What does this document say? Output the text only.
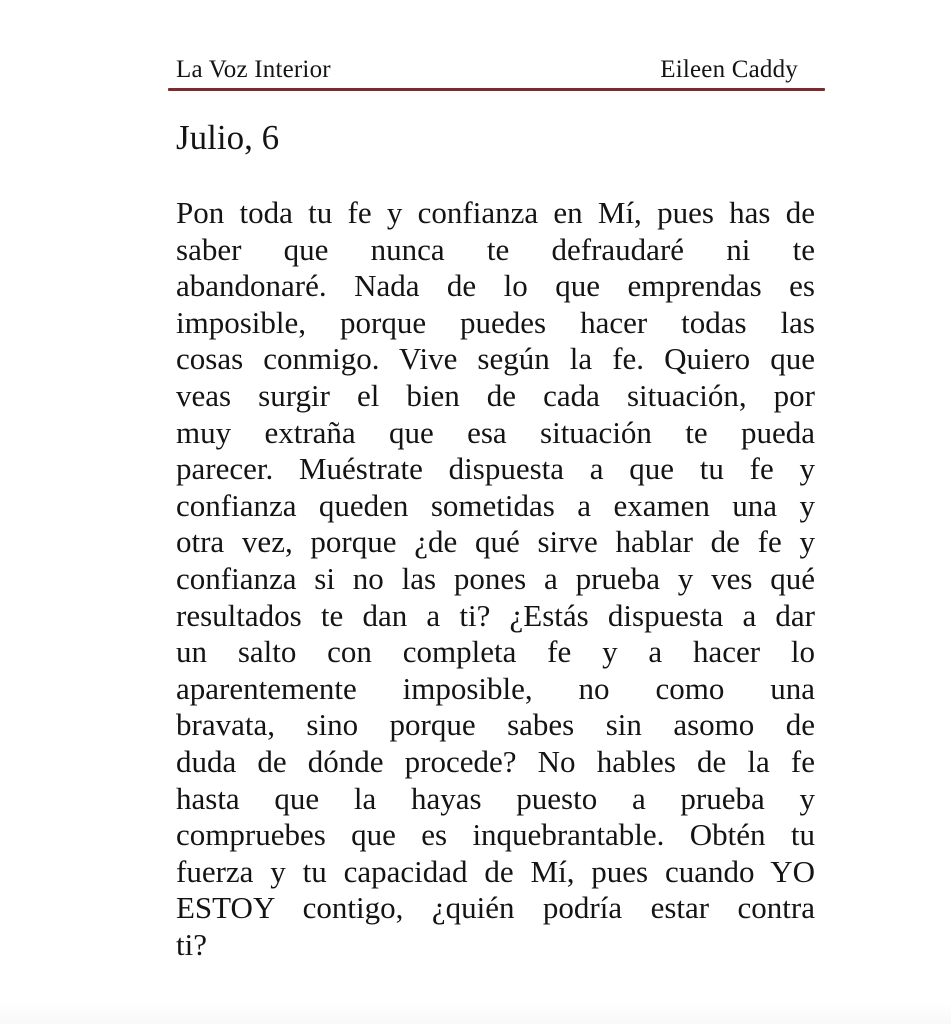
La Voz Interior	Eileen Caddy
Julio, 6
Pon toda tu fe y confianza en Mí, pues has de
saber que nunca te defraudaré ni te
abandonaré. Nada de lo que emprendas es
imposible, porque puedes hacer todas las
cosas conmigo. Vive según la fe. Quiero que
veas surgir el bien de cada situación, por
muy extraña que esa situación te pueda
parecer. Muéstrate dispuesta a que tu fe y
confianza queden sometidas a examen una y
otra vez, porque ¿de qué sirve hablar de fe y
confianza si no las pones a prueba y ves qué
resultados te dan a ti? ¿Estás dispuesta a dar
un salto con completa fe y a hacer lo
aparentemente imposible, no como una
bravata, sino porque sabes sin asomo de
duda de dónde procede? No hables de la fe
hasta que la hayas puesto a prueba y
compruebes que es inquebrantable. Obtén tu
fuerza y tu capacidad de Mí, pues cuando YO
ESTOY contigo, ¿quién podría estar contra
ti?
